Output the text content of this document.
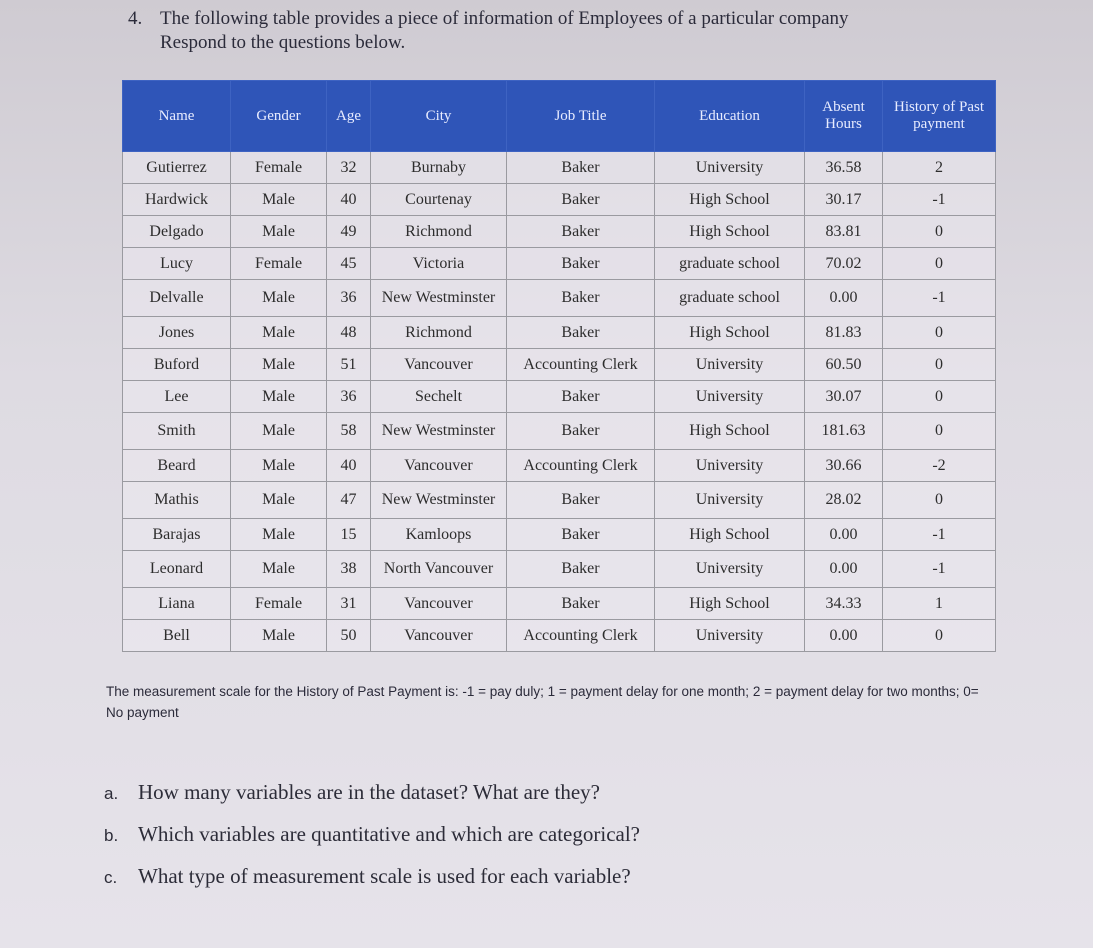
4. The following table provides a piece of information of Employees of a particular company
Respond to the questions below.
Name	Gender	Age	City	Job Title	Education	Absent Hours	History of Past payment
Gutierrez	Female	32	Burnaby	Baker	University	36.58	2
Hardwick	Male	40	Courtenay	Baker	High School	30.17	-1
Delgado	Male	49	Richmond	Baker	High School	83.81	0
Lucy	Female	45	Victoria	Baker	graduate school	70.02	0
Delvalle	Male	36	New Westminster	Baker	graduate school	0.00	-1
Jones	Male	48	Richmond	Baker	High School	81.83	0
Buford	Male	51	Vancouver	Accounting Clerk	University	60.50	0
Lee	Male	36	Sechelt	Baker	University	30.07	0
Smith	Male	58	New Westminster	Baker	High School	181.63	0
Beard	Male	40	Vancouver	Accounting Clerk	University	30.66	-2
Mathis	Male	47	New Westminster	Baker	University	28.02	0
Barajas	Male	15	Kamloops	Baker	High School	0.00	-1
Leonard	Male	38	North Vancouver	Baker	University	0.00	-1
Liana	Female	31	Vancouver	Baker	High School	34.33	1
Bell	Male	50	Vancouver	Accounting Clerk	University	0.00	0
The measurement scale for the History of Past Payment is: -1 = pay duly; 1 = payment delay for one month; 2 = payment delay for two months; 0= No payment
a. How many variables are in the dataset? What are they?
b. Which variables are quantitative and which are categorical?
c. What type of measurement scale is used for each variable?
